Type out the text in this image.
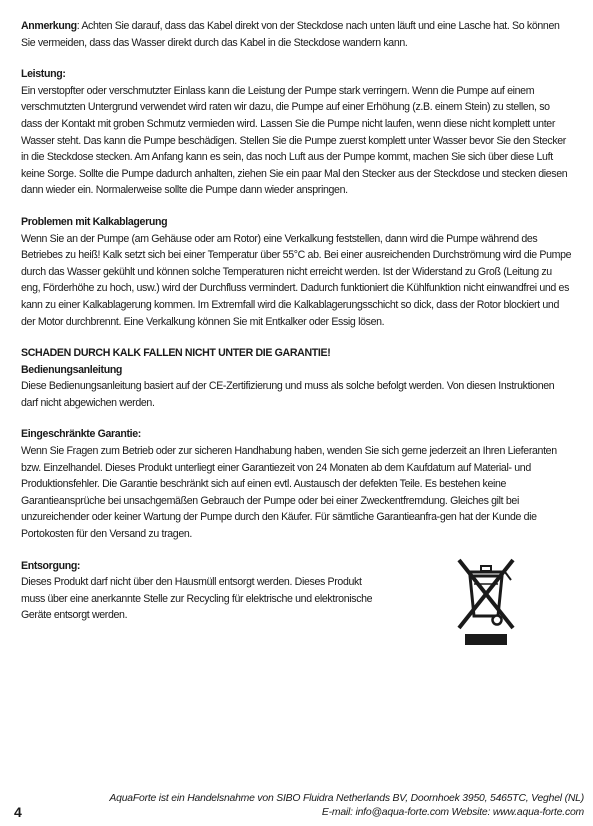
Anmerkung: Achten Sie darauf, dass das Kabel direkt von der Steckdose nach unten läuft und eine Lasche hat. So können Sie vermeiden, dass das Wasser direkt durch das Kabel in die Steckdose wandern kann.

Leistung:

Ein verstopfter oder verschmutzter Einlass kann die Leistung der Pumpe stark verringern. Wenn die Pumpe auf einem verschmutzten Untergrund verwendet wird raten wir dazu, die Pumpe auf einer Erhöhung (z.B. einem Stein) zu stellen, so dass der Kontakt mit groben Schmutz vermieden wird. Lassen Sie die Pumpe nicht laufen, wenn diese nicht komplett unter Wasser steht. Das kann die Pumpe beschädigen. Stellen Sie die Pumpe zuerst komplett unter Wasser bevor Sie den Stecker in die Steckdose stecken. Am Anfang kann es sein, das noch Luft aus der Pumpe kommt, machen Sie sich über diese Luft keine Sorge. Sollte die Pumpe dadurch anhalten, ziehen Sie ein paar Mal den Stecker aus der Steckdose und stecken diesen dann wieder ein. Normalerweise sollte die Pumpe dann wieder anspringen.

Problemen mit Kalkablagerung

Wenn Sie an der Pumpe (am Gehäuse oder am Rotor) eine Verkalkung feststellen, dann wird die Pumpe während des Betriebes zu heiß! Kalk setzt sich bei einer Temperatur über 55°C ab. Bei einer ausreichenden Durchströmung wird die Pumpe durch das Wasser gekühlt und können solche Temperaturen nicht erreicht werden. Ist der Widerstand zu Groß (Leitung zu eng, Förderhöhe zu hoch, usw.) wird der Durchfluss vermindert. Dadurch funktioniert die Kühlfunktion nicht einwandfrei und es kann zu einer Kalkablagerung kommen. Im Extremfall wird die Kalkablagerungsschicht so dick, dass der Rotor blockiert und der Motor durchbrennt. Eine Verkalkung können Sie mit Entkalker oder Essig lösen.

SCHADEN DURCH KALK FALLEN NICHT UNTER DIE GARANTIE!

Bedienungsanleitung

Diese Bedienungsanleitung basiert auf der CE-Zertifizierung und muss als solche befolgt werden. Von diesen Instruktionen darf nicht abgewichen werden.

Eingeschränkte Garantie:

Wenn Sie Fragen zum Betrieb oder zur sicheren Handhabung haben, wenden Sie sich gerne jederzeit an Ihren Lieferanten bzw. Einzelhandel. Dieses Produkt unterliegt einer Garantiezeit von 24 Monaten ab dem Kaufdatum auf Material- und Produktionsfehler. Die Garantie beschränkt sich auf einen evtl. Austausch der defekten Teile. Es bestehen keine Garantieansprüche bei unsachgemäßen Gebrauch der Pumpe oder bei einer Zweckentfremdung. Gleiches gilt bei unzureichender oder keiner Wartung der Pumpe durch den Käufer. Für sämtliche Garantieanfra-gen hat der Kunde die Portokosten für den Versand zu tragen.

Entsorgung:

Dieses Produkt darf nicht über den Hausmüll entsorgt werden. Dieses Produkt muss über eine anerkannte Stelle zur Recycling für elektrische und elektronische Geräte entsorgt werden.

4
AquaForte ist ein Handelsnahme von SIBO Fluidra Netherlands BV, Doornhoek 3950, 5465TC, Veghel (NL)
E-mail: info@aqua-forte.com Website: www.aqua-forte.com
